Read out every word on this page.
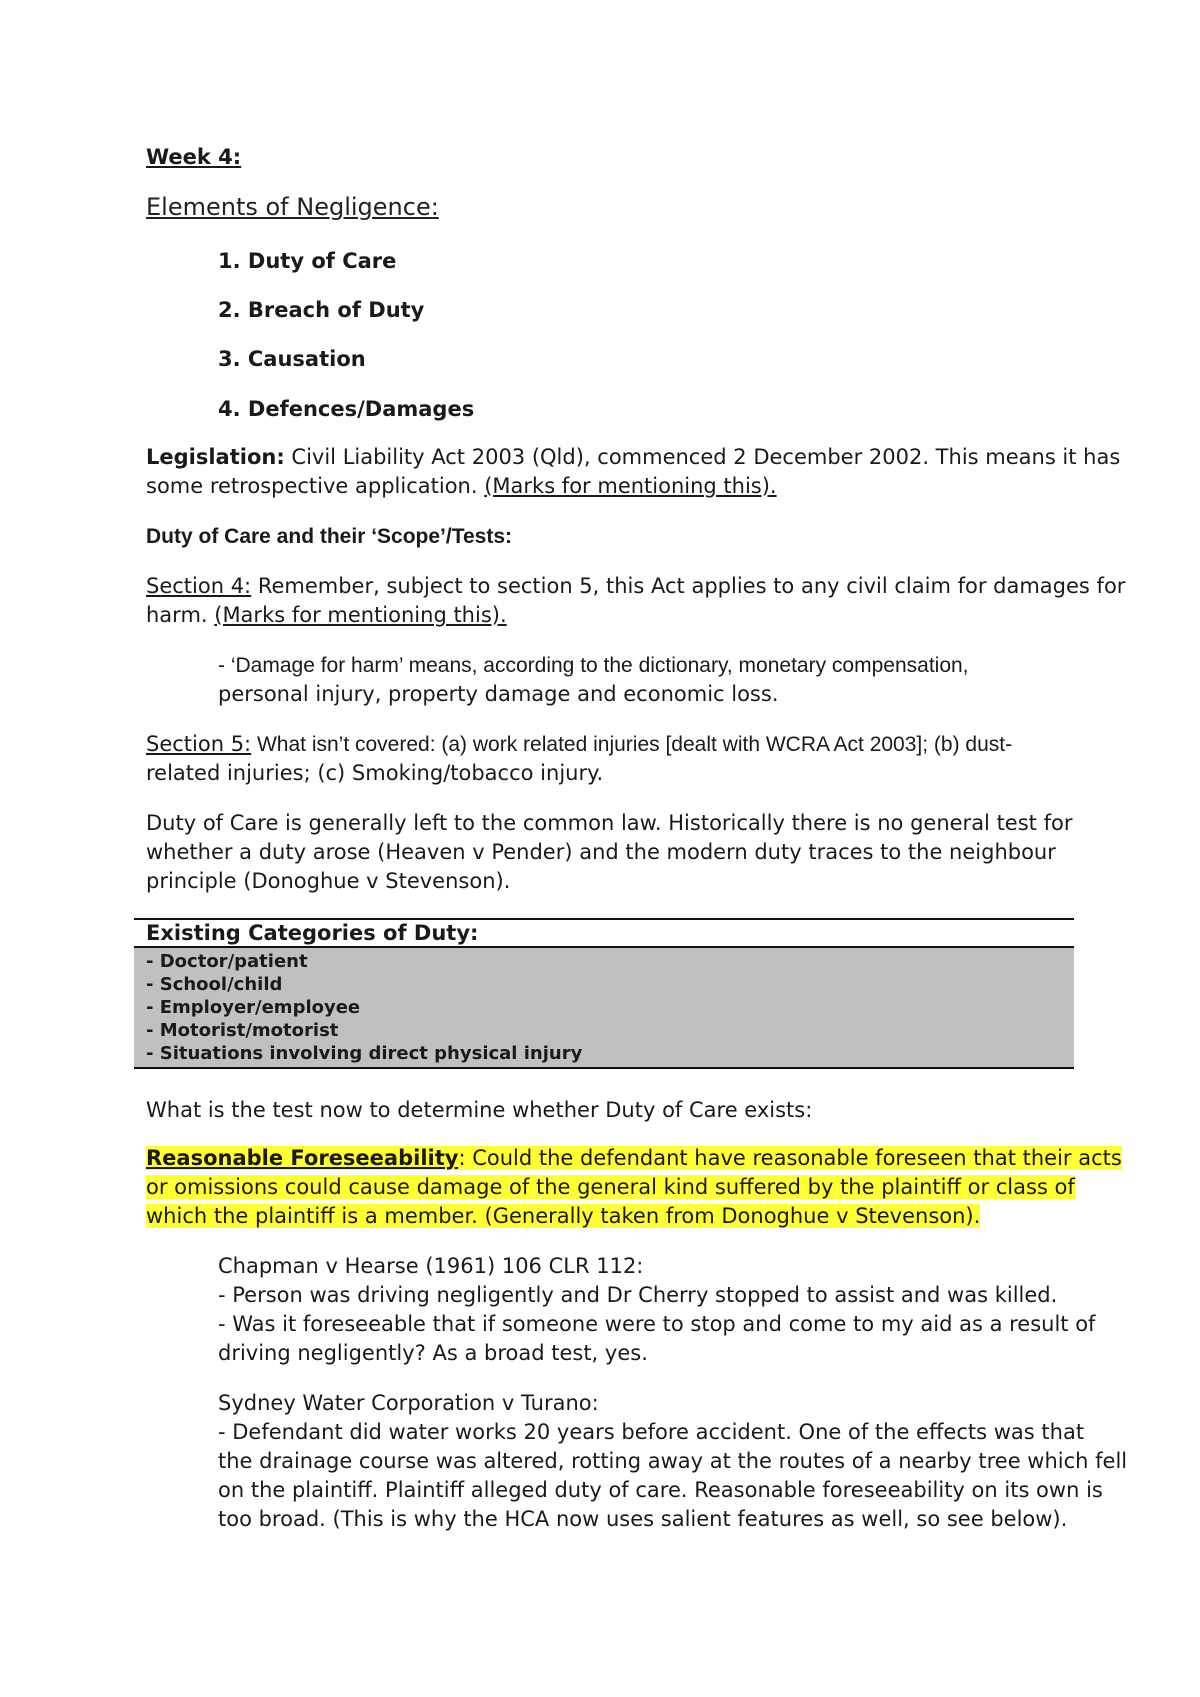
Week 4:
Elements of Negligence:
1. Duty of Care
2. Breach of Duty
3. Causation
4. Defences/Damages
Legislation: Civil Liability Act 2003 (Qld), commenced 2 December 2002. This means it has
some retrospective application. (Marks for mentioning this).
Duty of Care and their ‘Scope’/Tests:
Section 4: Remember, subject to section 5, this Act applies to any civil claim for damages for
harm. (Marks for mentioning this).
- ‘Damage for harm’ means, according to the dictionary, monetary compensation,
personal injury, property damage and economic loss.
Section 5: What isn’t covered: (a) work related injuries [dealt with WCRA Act 2003]; (b) dust-
related injuries; (c) Smoking/tobacco injury.
Duty of Care is generally left to the common law. Historically there is no general test for
whether a duty arose (Heaven v Pender) and the modern duty traces to the neighbour
principle (Donoghue v Stevenson).
Existing Categories of Duty:
- Doctor/patient
- School/child
- Employer/employee
- Motorist/motorist
- Situations involving direct physical injury
What is the test now to determine whether Duty of Care exists:
Reasonable Foreseeability: Could the defendant have reasonable foreseen that their acts
or omissions could cause damage of the general kind suffered by the plaintiff or class of
which the plaintiff is a member. (Generally taken from Donoghue v Stevenson).
Chapman v Hearse (1961) 106 CLR 112:
- Person was driving negligently and Dr Cherry stopped to assist and was killed.
- Was it foreseeable that if someone were to stop and come to my aid as a result of
driving negligently? As a broad test, yes.
Sydney Water Corporation v Turano:
- Defendant did water works 20 years before accident. One of the effects was that
the drainage course was altered, rotting away at the routes of a nearby tree which fell
on the plaintiff. Plaintiff alleged duty of care. Reasonable foreseeability on its own is
too broad. (This is why the HCA now uses salient features as well, so see below).
